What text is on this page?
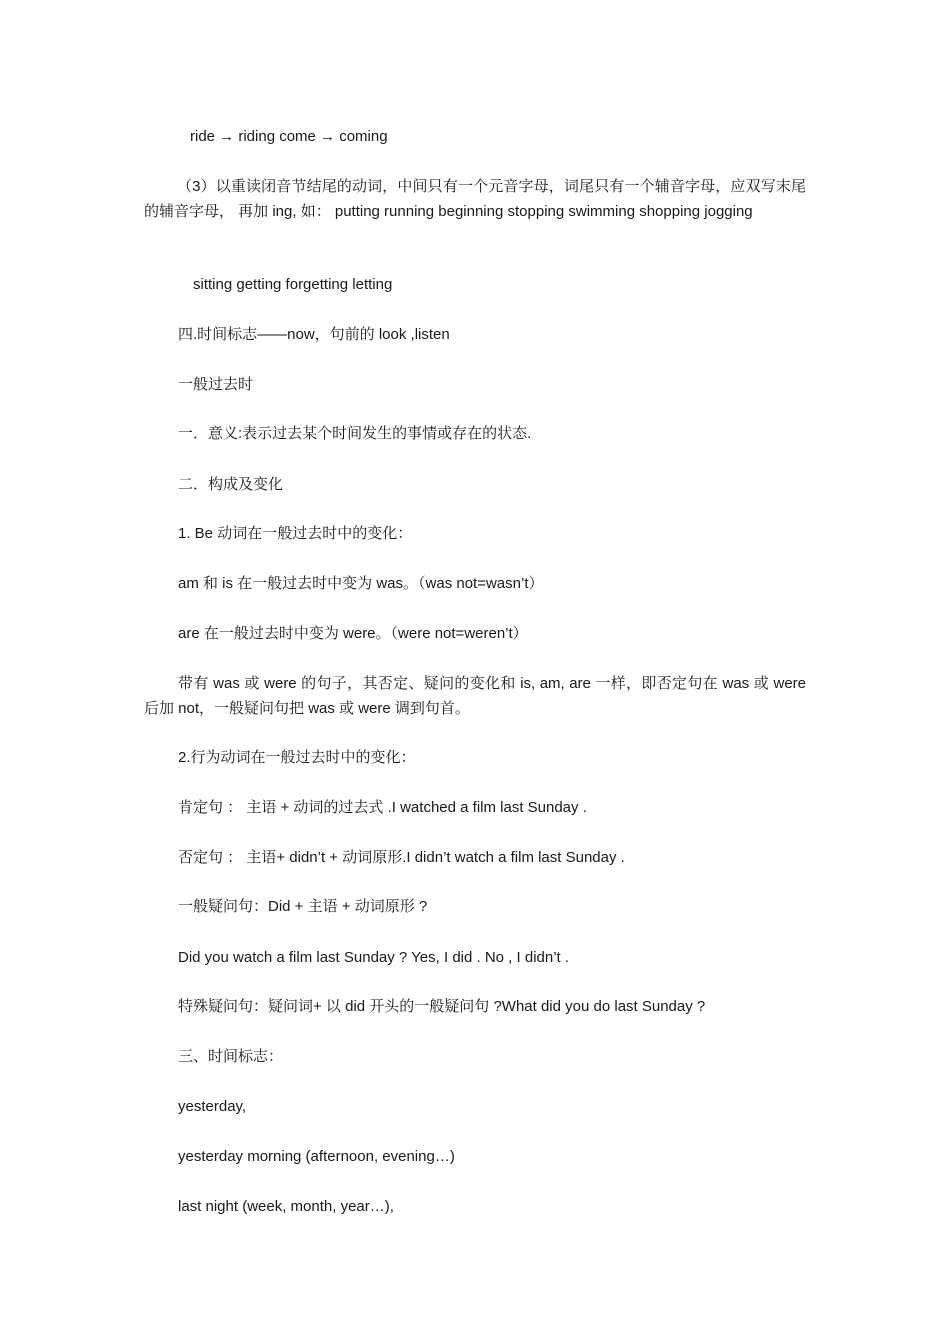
ride → riding come → coming

（3）以重读闭音节结尾的动词，中间只有一个元音字母，词尾只有一个辅音字母，应双写末尾的辅音字母， 再加 ing, 如： putting running beginning stopping swimming shopping jogging

sitting getting forgetting letting

四.时间标志——now，句前的 look ,listen

一般过去时

一．意义:表示过去某个时间发生的事情或存在的状态.

二．构成及变化

1. Be 动词在一般过去时中的变化：

am 和 is 在一般过去时中变为 was。（was not=wasn’t）

are 在一般过去时中变为 were。（were not=weren’t）

带有 was 或 were 的句子，其否定、疑问的变化和 is, am, are 一样，即否定句在 was 或 were 后加 not，一般疑问句把 was 或 were 调到句首。

2.行为动词在一般过去时中的变化：

肯定句 ： 主语 + 动词的过去式 .I watched a film last Sunday .

否定句 ： 主语+ didn’t + 动词原形.I didn’t watch a film last Sunday .

一般疑问句：Did + 主语 + 动词原形 ?

Did you watch a film last Sunday ? Yes, I did . No , I didn’t .

特殊疑问句：疑问词+ 以 did 开头的一般疑问句 ?What did you do last Sunday ?

三、时间标志：

yesterday,

yesterday morning (afternoon, evening…)

last night (week, month, year…),
